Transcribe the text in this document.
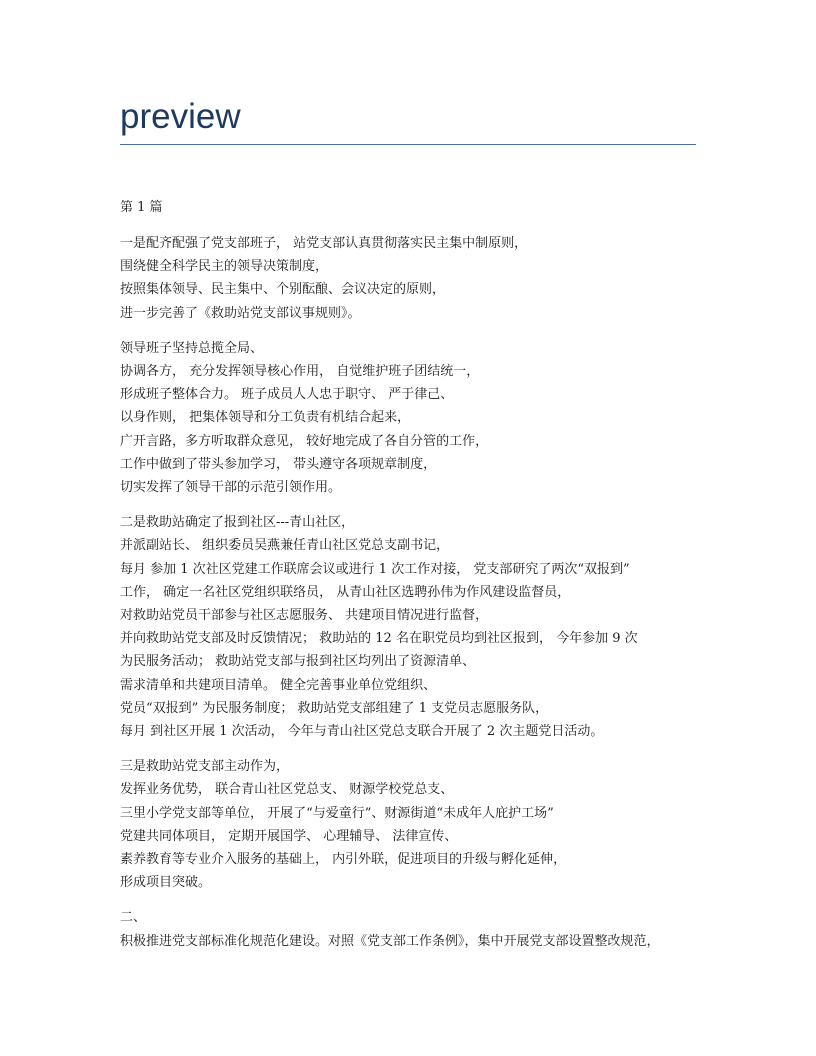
preview
第 1 篇
一是配齐配强了党支部班子， 站党支部认真贯彻落实民主集中制原则，
围绕健全科学民主的领导决策制度，
按照集体领导、民主集中、个别酝酿、会议决定的原则，
进一步完善了《救助站党支部议事规则》。
领导班子坚持总揽全局、
协调各方， 充分发挥领导核心作用， 自觉维护班子团结统一，
形成班子整体合力。 班子成员人人忠于职守、 严于律己、
以身作则， 把集体领导和分工负责有机结合起来，
广开言路，多方听取群众意见， 较好地完成了各自分管的工作，
工作中做到了带头参加学习， 带头遵守各项规章制度，
切实发挥了领导干部的示范引领作用。
二是救助站确定了报到社区---青山社区，
并派副站长、 组织委员吴燕兼任青山社区党总支副书记，
每月 参加 1 次社区党建工作联席会议或进行 1 次工作对接， 党支部研究了两次“双报到”
工作， 确定一名社区党组织联络员， 从青山社区选聘孙伟为作风建设监督员，
对救助站党员干部参与社区志愿服务、 共建项目情况进行监督，
并向救助站党支部及时反馈情况； 救助站的 12 名在职党员均到社区报到， 今年参加 9 次
为民服务活动； 救助站党支部与报到社区均列出了资源清单、
需求清单和共建项目清单。 健全完善事业单位党组织、
党员“双报到” 为民服务制度； 救助站党支部组建了 1 支党员志愿服务队，
每月 到社区开展 1 次活动， 今年与青山社区党总支联合开展了 2 次主题党日活动。
三是救助站党支部主动作为，
发挥业务优势， 联合青山社区党总支、 财源学校党总支、
三里小学党支部等单位， 开展了“与爱童行”、财源街道“未成年人庇护工场”
党建共同体项目， 定期开展国学、 心理辅导、 法律宣传、
素养教育等专业介入服务的基础上， 内引外联，促进项目的升级与孵化延伸，
形成项目突破。
二、
积极推进党支部标准化规范化建设。对照《党支部工作条例》，集中开展党支部设置整改规范，
